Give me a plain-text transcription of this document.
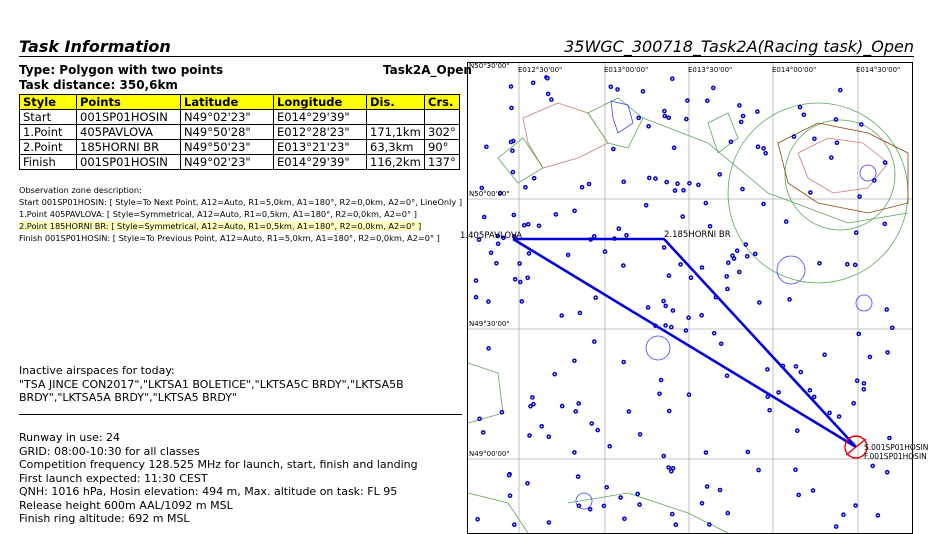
Task Information	35WGC_300718_Task2A(Racing task)_Open
Type: Polygon with two points
Task distance: 350,6km
Task2A_Open
Style	Points	Latitude	Longitude	Dis.	Crs.
Start	001SP01HOSIN	N49°02'23"	E014°29'39"		
1.Point	405PAVLOVA	N49°50'28"	E012°28'23"	171,1km	302°
2.Point	185HORNI BR	N49°50'23"	E013°21'23"	63,3km	90°
Finish	001SP01HOSIN	N49°02'23"	E014°29'39"	116,2km	137°
Observation zone description:
Start 001SP01HOSIN: [ Style=To Next Point, A12=Auto, R1=5,0km, A1=180°, R2=0,0km, A2=0°, LineOnly ]
1.Point 405PAVLOVA: [ Style=Symmetrical, A12=Auto, R1=0,5km, A1=180°, R2=0,0km, A2=0° ]
2.Point 185HORNI BR: [ Style=Symmetrical, A12=Auto, R1=0,5km, A1=180°, R2=0,0km, A2=0° ]
Finish 001SP01HOSIN: [ Style=To Previous Point, A12=Auto, R1=5,0km, A1=180°, R2=0,0km, A2=0° ]
Inactive airspaces for today:
"TSA JINCE CON2017","LKTSA1 BOLETICE","LKTSA5C BRDY","LKTSA5B BRDY","LKTSA5A BRDY","LKTSA5 BRDY"
Runway in use: 24
GRID: 08:00-10:30 for all classes
Competition frequency 128.525 MHz for launch, start, finish and landing
First launch expected: 11:30 CEST
QNH: 1016 hPa, Hosin elevation: 494 m, Max. altitude on task: FL 95
Release height 600m AAL/1092 m MSL
Finish ring altitude: 692 m MSL
E012°30'00"	E013°00'00"	E013°30'00"	E014°00'00"	E014°30'00"
N50°30'00"
N50°00'00"
N49°30'00"
N49°00'00"
1.405PAVLOVA	2.185HORNI BR
S.001SP01HOSIN
F.001SP01HOSIN
